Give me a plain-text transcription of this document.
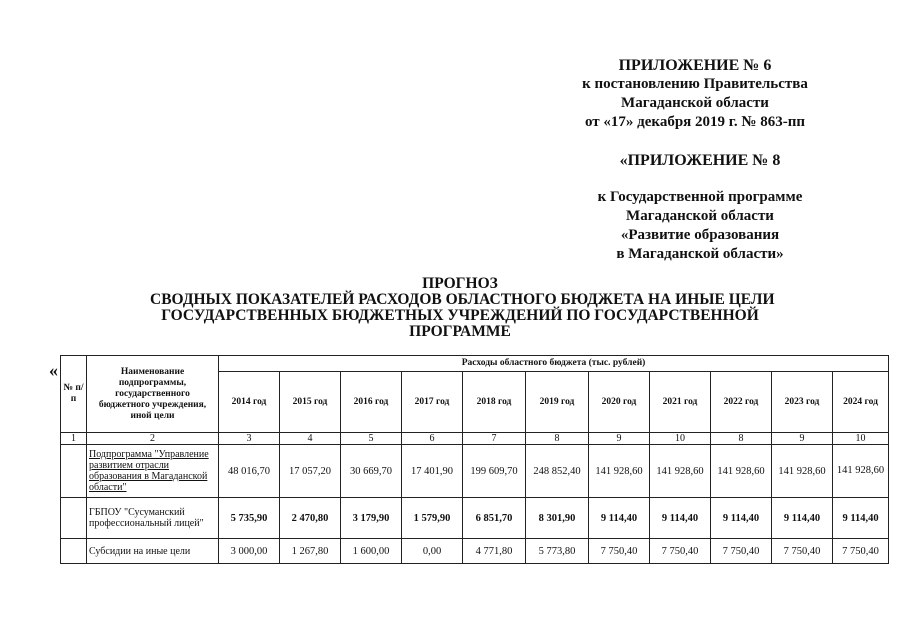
ПРИЛОЖЕНИЕ № 6
к постановлению Правительства
Магаданской области
от «17» декабря 2019 г. № 863-пп
«ПРИЛОЖЕНИЕ № 8
к Государственной программе
Магаданской области
«Развитие образования
в Магаданской области»
ПРОГНОЗ
СВОДНЫХ ПОКАЗАТЕЛЕЙ РАСХОДОВ ОБЛАСТНОГО БЮДЖЕТА НА ИНЫЕ ЦЕЛИ
ГОСУДАРСТВЕННЫХ БЮДЖЕТНЫХ УЧРЕЖДЕНИЙ ПО ГОСУДАРСТВЕННОЙ
ПРОГРАММЕ
«
№ п/п	Наименование подпрограммы, государственного бюджетного учреждения, иной цели	Расходы областного бюджета (тыс. рублей)										
		2014 год	2015 год	2016 год	2017 год	2018 год	2019 год	2020 год	2021 год	2022 год	2023 год	2024 год
1	2	3	4	5	6	7	8	9	10	8	9	10
	Подпрограмма "Управление развитием отрасли образования в Магаданской области"	48 016,70	17 057,20	30 669,70	17 401,90	199 609,70	248 852,40	141 928,60	141 928,60	141 928,60	141 928,60	141 928,60
	ГБПОУ "Сусуманский профессиональный лицей"	5 735,90	2 470,80	3 179,90	1 579,90	6 851,70	8 301,90	9 114,40	9 114,40	9 114,40	9 114,40	9 114,40
	Субсидии на иные цели	3 000,00	1 267,80	1 600,00	0,00	4 771,80	5 773,80	7 750,40	7 750,40	7 750,40	7 750,40	7 750,40
